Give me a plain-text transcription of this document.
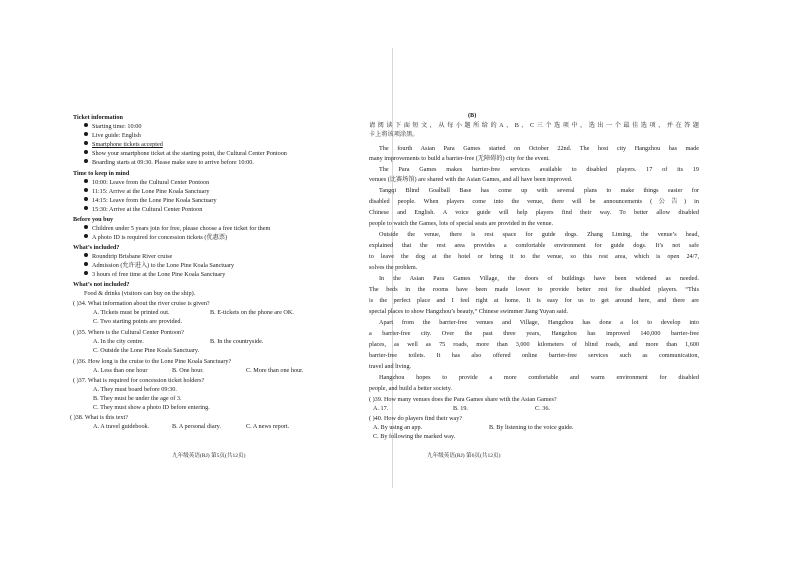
Ticket information
Starting time: 10:00
Live guide: English
Smartphone tickets accepted
Show your smartphone ticket at the starting point, the Cultural Center Pontoon
Boarding starts at 09:30. Please make sure to arrive before 10:00.
Time to keep in mind
10:00: Leave from the Cultural Center Pontoon
11:15: Arrive at the Lone Pine Koala Sanctuary
14:15: Leave from the Lone Pine Koala Sanctuary
15:30: Arrive at the Cultural Center Pontoon
Before you buy
Children under 5 years join for free, please choose a free ticket for them
A photo ID is required for concession tickets (优惠票)
What’s included?
Roundtrip Brisbane River cruise
Admission (允许进入) to the Lone Pine Koala Sanctuary
3 hours of free time at the Lone Pine Koala Sanctuary
What’s not included?
Food & drinks (visitors can buy on the ship).
( )34. What information about the river cruise is given?
A. Tickets must be printed out.	B. E-tickets on the phone are OK.
C. Two starting points are provided.
( )35. Where is the Cultural Center Pontoon?
A. In the city centre.	B. In the countryside.
C. Outside the Lone Pine Koala Sanctuary.
( )36. How long is the cruise to the Lone Pine Koala Sanctuary?
A. Less than one hour	B. One hour.	C. More than one hour.
( )37. What is required for concession ticket holders?
A. They must board before 09:30.
B. They must be under the age of 3.
C. They must show a photo ID before entering.
( )38. What is this text?
A. A travel guidebook.	B. A personal diary.	C. A news report.
九年级英语(RJ) 第5页(共12页)
(B)
请阅读下面短文，从每小题所给的A、B、C三个选项中，选出一个最佳选项，并在答题
卡上将该项涂黑。
The fourth Asian Para Games started on October 22nd. The host city Hangzhou has made
many improvements to build a barrier-free (无障碍的) city for the event.
The Para Games makes barrier-free services available to disabled players. 17 of its 19
venues (比赛场馆) are shared with the Asian Games, and all have been improved.
Tangqi Blind Goalball Base has come up with several plans to make things easier for
disabled people. When players come into the venue, there will be announcements (公告) in
Chinese and English. A voice guide will help players find their way. To better allow disabled
people to watch the Games, lots of special seats are provided in the venue.
Outside the venue, there is rest space for guide dogs. Zhang Liming, the venue’s head,
explained that the rest area provides a comfortable environment for guide dogs. It’s not safe
to leave the dog at the hotel or bring it to the venue, so this rest area, which is open 24/7,
solves the problem.
In the Asian Para Games Village, the doors of buildings have been widened as needed.
The beds in the rooms have been made lower to provide better rest for disabled players. “This
is the perfect place and I feel right at home. It is easy for us to get around here, and there are
special places to show Hangzhou’s beauty,” Chinese swimmer Jiang Yuyan said.
Apart from the barrier-free venues and Village, Hangzhou has done a lot to develop into
a barrier-free city. Over the past three years, Hangzhou has improved 140,000 barrier-free
places, as well as 75 roads, more than 3,000 kilometers of blind roads, and more than 1,600
barrier-free toilets. It has also offered online barrier-free services such as communication,
travel and living.
Hangzhou hopes to provide a more comfortable and warm environment for disabled
people, and build a better society.
( )39. How many venues does the Para Games share with the Asian Games?
A. 17.	B. 19.	C. 36.
( )40. How do players find their way?
A. By using an app.	B. By listening to the voice guide.
C. By following the marked way.
九年级英语(RJ) 第6页(共12页)
